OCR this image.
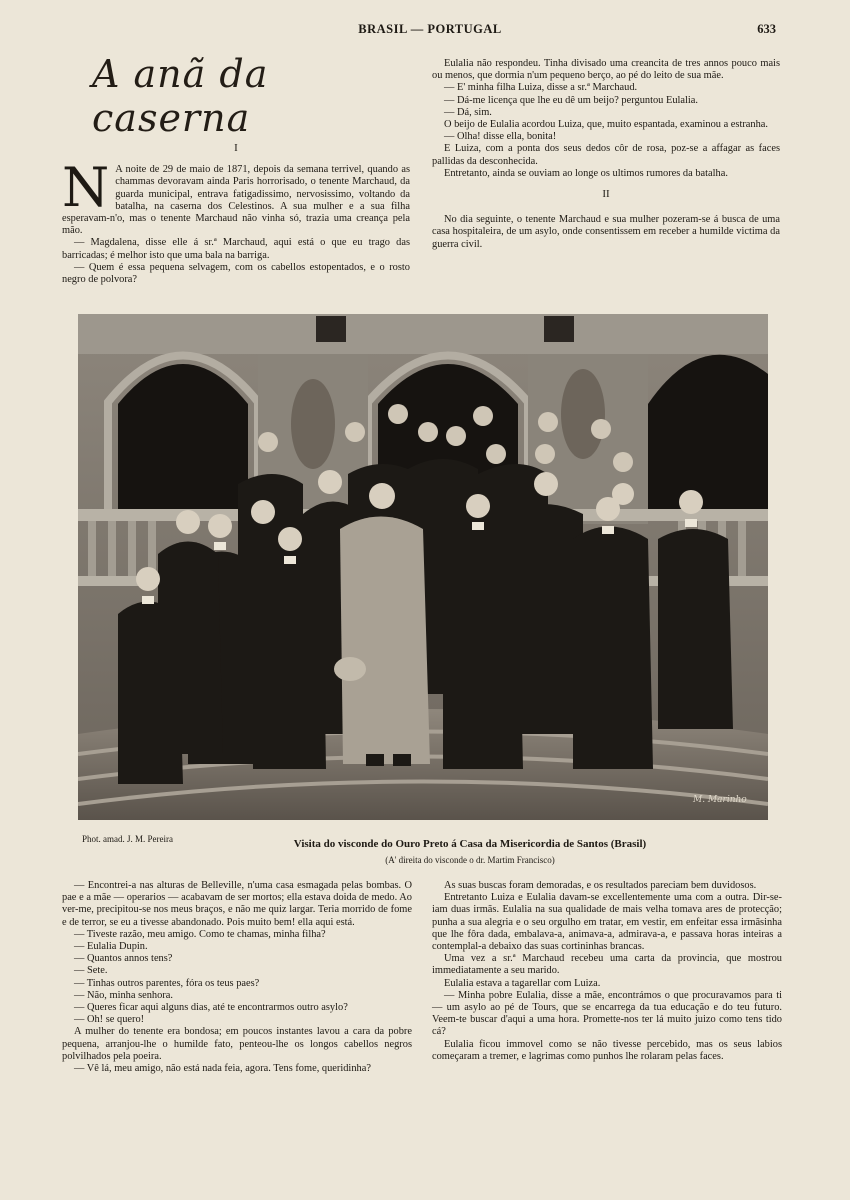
BRASIL — PORTUGAL	633
A anã da caserna
I

N A noite de 29 de maio de 1871, depois da semana terrivel, quando as chammas devoravam ainda Paris horrorisado, o tenente Marchaud, da guarda municipal, entrava fatigadissimo, nervosissimo, voltando da batalha, na caserna dos Celestinos. A sua mulher e a sua filha esperavam-n'o, mas o tenente Marchaud não vinha só, trazia uma creança pela mão.

— Magdalena, disse elle á sr.ª Marchaud, aqui está o que eu trago das barricadas; é melhor isto que uma bala na barriga.

— Quem é essa pequena selvagem, com os cabellos estopentados, e o rosto negro de polvora?

Eulalia não respondeu. Tinha divisado uma creancita de tres annos pouco mais ou menos, que dormia n'um pequeno berço, ao pé do leito de sua mãe.

— E' minha filha Luiza, disse a sr.ª Marchaud.

— Dá-me licença que lhe eu dê um beijo? perguntou Eulalia.

— Dá, sim.

O beijo de Eulalia acordou Luiza, que, muito espantada, examinou a estranha.

— Olha! disse ella, bonita!

E Luiza, com a ponta dos seus dedos côr de rosa, poz-se a affagar as faces pallidas da desconhecida.

Entretanto, ainda se ouviam ao longe os ultimos rumores da batalha.

II

No dia seguinte, o tenente Marchaud e sua mulher pozeram-se á busca de uma casa hospitaleira, de um asylo, onde consentissem em receber a humilde victima da guerra civil.

M. Marinho
Phot. amad. J. M. Pereira	Visita do visconde do Ouro Preto á Casa da Misericordia de Santos (Brasil)
(A' direita do visconde o dr. Martim Francisco)

— Encontrei-a nas alturas de Belleville, n'uma casa esmagada pelas bombas. O pae e a mãe — operarios — acabavam de ser mortos; ella estava doida de medo. Ao ver-me, precipitou-se nos meus braços, e não me quiz largar. Teria morrido de fome e de terror, se eu a tivesse abandonado. Pois muito bem! ella aqui está.

— Tiveste razão, meu amigo. Como te chamas, minha filha?

— Eulalia Dupin.

— Quantos annos tens?

— Sete.

— Tinhas outros parentes, fóra os teus paes?

— Não, minha senhora.

— Queres ficar aqui alguns dias, até te encontrarmos outro asylo?

— Oh! se quero!

A mulher do tenente era bondosa; em poucos instantes lavou a cara da pobre pequena, arranjou-lhe o humilde fato, penteou-lhe os longos cabellos negros polvilhados pela poeira.

— Vê lá, meu amigo, não está nada feia, agora. Tens fome, queridinha?

As suas buscas foram demoradas, e os resultados pareciam bem duvidosos.

Entretanto Luiza e Eulalia davam-se excellentemente uma com a outra. Dir-se-iam duas irmãs. Eulalia na sua qualidade de mais velha tomava ares de protecção; punha a sua alegria e o seu orgulho em tratar, em vestir, em enfeitar essa irmãsinha que lhe fôra dada, embalava-a, animava-a, admirava-a, e passava horas inteiras a contemplal-a debaixo das suas cortininhas brancas.

Uma vez a sr.ª Marchaud recebeu uma carta da provincia, que mostrou immediatamente a seu marido.

Eulalia estava a tagarellar com Luiza.

— Minha pobre Eulalia, disse a mãe, encontrámos o que procuravamos para ti — um asylo ao pé de Tours, que se encarrega da tua educação e do teu futuro. Veem-te buscar d'aqui a uma hora. Promette-nos ter lá muito juizo como tens tido cá?

Eulalia ficou immovel como se não tivesse percebido, mas os seus labios começaram a tremer, e lagrimas como punhos lhe rolaram pelas faces.
